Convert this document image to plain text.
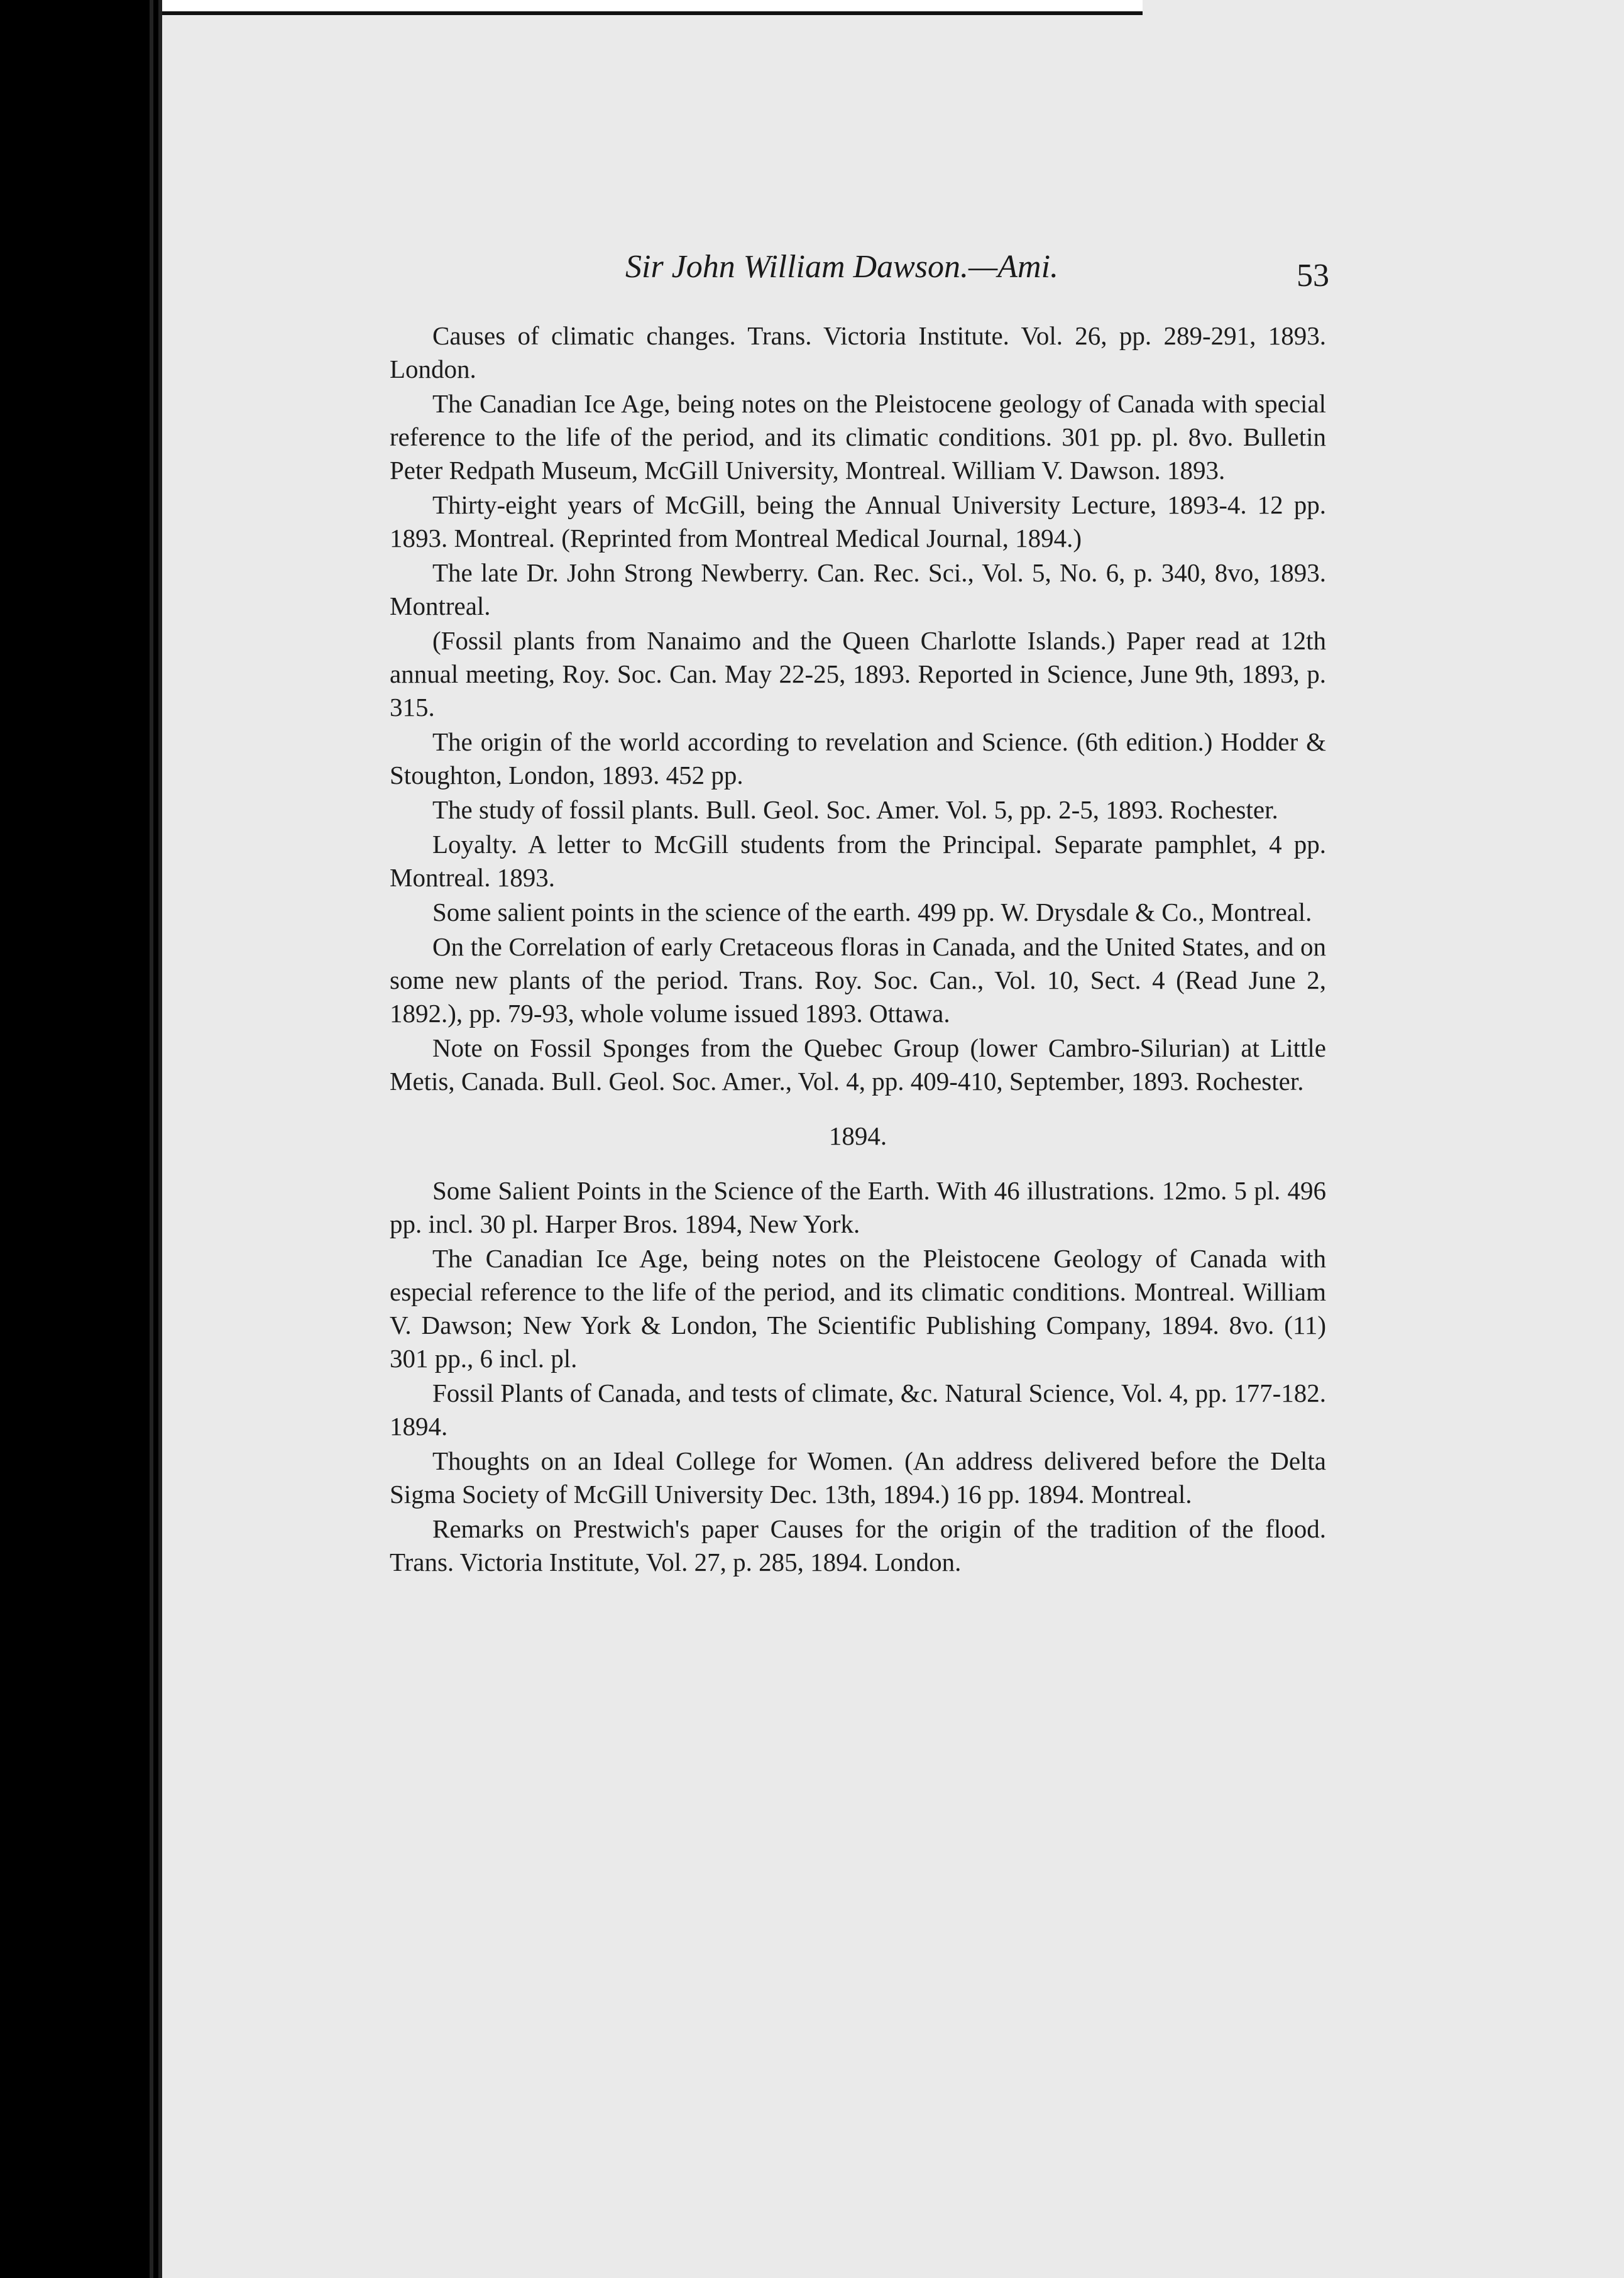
Sir John William Dawson.—Ami.	53

Causes of climatic changes. Trans. Victoria Institute. Vol. 26, pp. 289-291, 1893. London.

The Canadian Ice Age, being notes on the Pleistocene geology of Canada with special reference to the life of the period, and its climatic conditions. 301 pp. pl. 8vo. Bulletin Peter Redpath Museum, McGill University, Montreal. William V. Dawson. 1893.

Thirty-eight years of McGill, being the Annual University Lecture, 1893-4. 12 pp. 1893. Montreal. (Reprinted from Montreal Medical Journal, 1894.)

The late Dr. John Strong Newberry. Can. Rec. Sci., Vol. 5, No. 6, p. 340, 8vo, 1893. Montreal.

(Fossil plants from Nanaimo and the Queen Charlotte Islands.) Paper read at 12th annual meeting, Roy. Soc. Can. May 22-25, 1893. Reported in Science, June 9th, 1893, p. 315.

The origin of the world according to revelation and Science. (6th edition.) Hodder & Stoughton, London, 1893. 452 pp.

The study of fossil plants. Bull. Geol. Soc. Amer. Vol. 5, pp. 2-5, 1893. Rochester.

Loyalty. A letter to McGill students from the Principal. Separate pamphlet, 4 pp. Montreal. 1893.

Some salient points in the science of the earth. 499 pp. W. Drysdale & Co., Montreal.

On the Correlation of early Cretaceous floras in Canada, and the United States, and on some new plants of the period. Trans. Roy. Soc. Can., Vol. 10, Sect. 4 (Read June 2, 1892.), pp. 79-93, whole volume issued 1893. Ottawa.

Note on Fossil Sponges from the Quebec Group (lower Cambro-Silurian) at Little Metis, Canada. Bull. Geol. Soc. Amer., Vol. 4, pp. 409-410, September, 1893. Rochester.

1894.

Some Salient Points in the Science of the Earth. With 46 illustrations. 12mo. 5 pl. 496 pp. incl. 30 pl. Harper Bros. 1894, New York.

The Canadian Ice Age, being notes on the Pleistocene Geology of Canada with especial reference to the life of the period, and its climatic conditions. Montreal. William V. Dawson; New York & London, The Scientific Publishing Company, 1894. 8vo. (11) 301 pp., 6 incl. pl.

Fossil Plants of Canada, and tests of climate, &c. Natural Science, Vol. 4, pp. 177-182. 1894.

Thoughts on an Ideal College for Women. (An address delivered before the Delta Sigma Society of McGill University Dec. 13th, 1894.) 16 pp. 1894. Montreal.

Remarks on Prestwich's paper Causes for the origin of the tradition of the flood. Trans. Victoria Institute, Vol. 27, p. 285, 1894. London.
